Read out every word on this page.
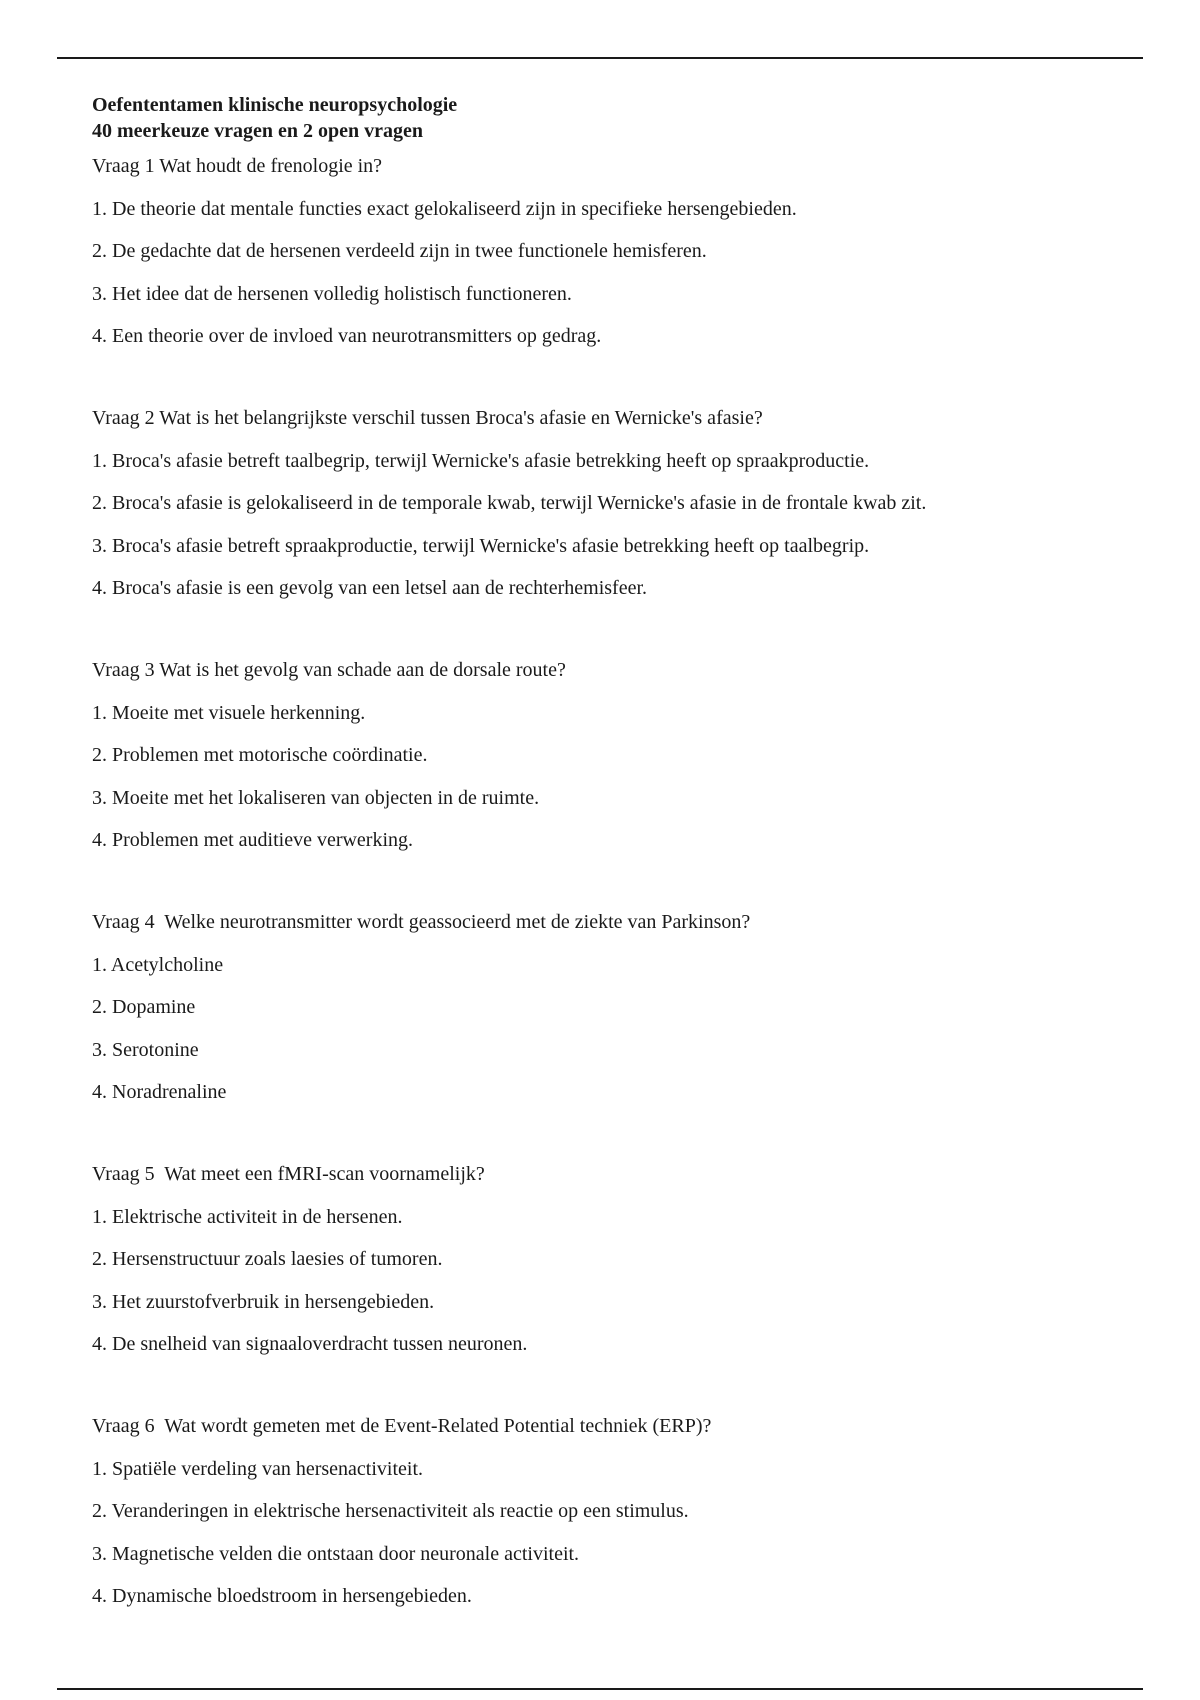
Oefententamen klinische neuropsychologie

40 meerkeuze vragen en 2 open vragen

Vraag 1 Wat houdt de frenologie in?

1. De theorie dat mentale functies exact gelokaliseerd zijn in specifieke hersengebieden.

2. De gedachte dat de hersenen verdeeld zijn in twee functionele hemisferen.

3. Het idee dat de hersenen volledig holistisch functioneren.

4. Een theorie over de invloed van neurotransmitters op gedrag.

Vraag 2 Wat is het belangrijkste verschil tussen Broca's afasie en Wernicke's afasie?

1. Broca's afasie betreft taalbegrip, terwijl Wernicke's afasie betrekking heeft op spraakproductie.

2. Broca's afasie is gelokaliseerd in de temporale kwab, terwijl Wernicke's afasie in de frontale kwab zit.

3. Broca's afasie betreft spraakproductie, terwijl Wernicke's afasie betrekking heeft op taalbegrip.

4. Broca's afasie is een gevolg van een letsel aan de rechterhemisfeer.

Vraag 3 Wat is het gevolg van schade aan de dorsale route?

1. Moeite met visuele herkenning.

2. Problemen met motorische coördinatie.

3. Moeite met het lokaliseren van objecten in de ruimte.

4. Problemen met auditieve verwerking.

Vraag 4  Welke neurotransmitter wordt geassocieerd met de ziekte van Parkinson?

1. Acetylcholine

2. Dopamine

3. Serotonine

4. Noradrenaline

Vraag 5  Wat meet een fMRI-scan voornamelijk?

1. Elektrische activiteit in de hersenen.

2. Hersenstructuur zoals laesies of tumoren.

3. Het zuurstofverbruik in hersengebieden.

4. De snelheid van signaaloverdracht tussen neuronen.

Vraag 6  Wat wordt gemeten met de Event-Related Potential techniek (ERP)?

1. Spatiële verdeling van hersenactiviteit.

2. Veranderingen in elektrische hersenactiviteit als reactie op een stimulus.

3. Magnetische velden die ontstaan door neuronale activiteit.

4. Dynamische bloedstroom in hersengebieden.
